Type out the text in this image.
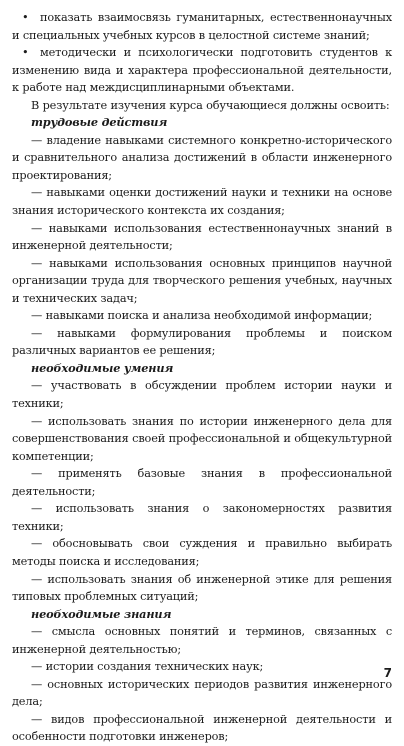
• показать взаимосвязь гуманитарных, естественнонаучных и специальных учебных курсов в целостной системе знаний;

• методически и психологически подготовить студентов к изменению вида и характера профессиональной деятельности, к работе над междисциплинарными объектами.

В результате изучения курса обучающиеся должны освоить:

трудовые действия

— владение навыками системного конкретно-исторического и сравнительного анализа достижений в области инженерного проектирования;

— навыками оценки достижений науки и техники на основе знания исторического контекста их создания;

— навыками использования естественнонаучных знаний в инженерной деятельности;

— навыками использования основных принципов научной организации труда для творческого решения учебных, научных и технических задач;

— навыками поиска и анализа необходимой информации;

— навыками формулирования проблемы и поиском различных вариантов ее решения;

необходимые умения

— участвовать в обсуждении проблем истории науки и техники;

— использовать знания по истории инженерного дела для совершенствования своей профессиональной и общекультурной компетенции;

— применять базовые знания в профессиональной деятельности;

— использовать знания о закономерностях развития техники;

— обосновывать свои суждения и правильно выбирать методы поиска и исследования;

— использовать знания об инженерной этике для решения типовых проблемных ситуаций;

необходимые знания

— смысла основных понятий и терминов, связанных с инженерной деятельностью;

— истории создания технических наук;

— основных исторических периодов развития инженерного дела;

— видов профессиональной инженерной деятельности и особенности подготовки инженеров;

7
